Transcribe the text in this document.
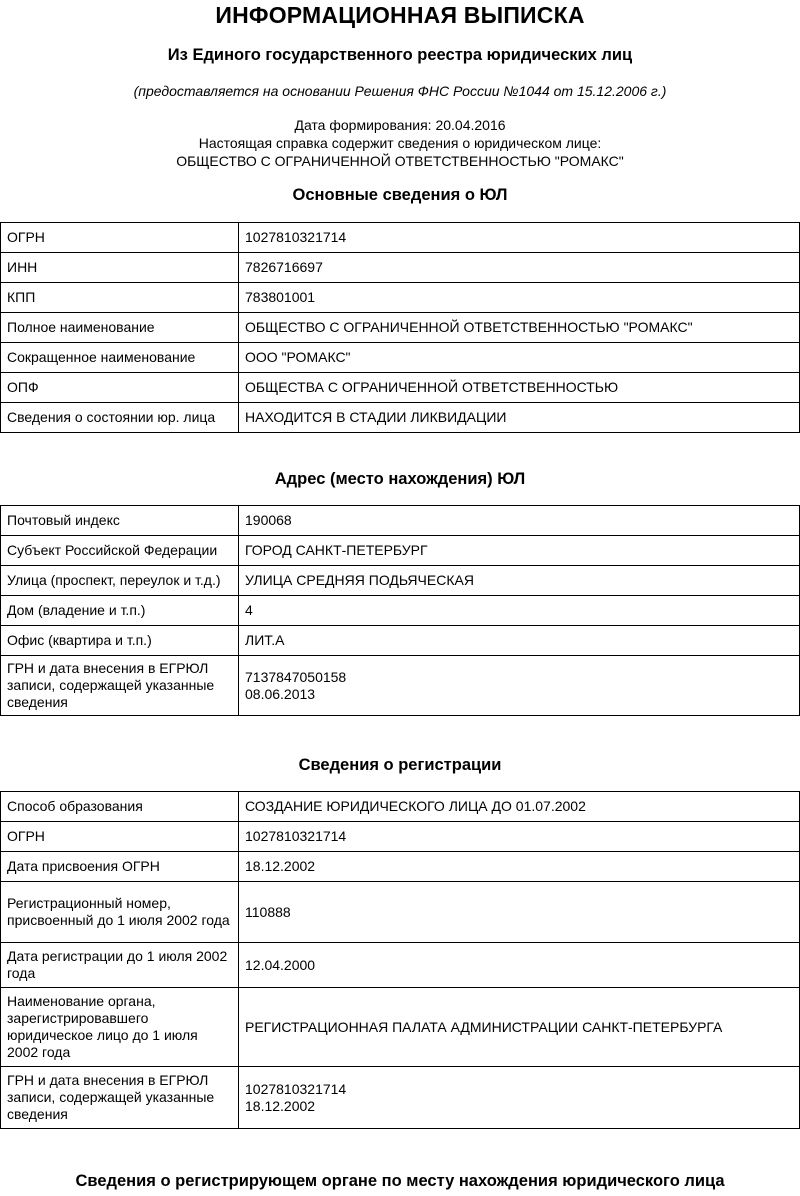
ИНФОРМАЦИОННАЯ ВЫПИСКА
Из Единого государственного реестра юридических лиц
(предоставляется на основании Решения ФНС России №1044 от 15.12.2006 г.)
Дата формирования: 20.04.2016
Настоящая справка содержит сведения о юридическом лице:
ОБЩЕСТВО С ОГРАНИЧЕННОЙ ОТВЕТСТВЕННОСТЬЮ "РОМАКС"
Основные сведения о ЮЛ
ОГРН	1027810321714
ИНН	7826716697
КПП	783801001
Полное наименование	ОБЩЕСТВО С ОГРАНИЧЕННОЙ ОТВЕТСТВЕННОСТЬЮ "РОМАКС"
Сокращенное наименование	ООО "РОМАКС"
ОПФ	ОБЩЕСТВА С ОГРАНИЧЕННОЙ ОТВЕТСТВЕННОСТЬЮ
Сведения о состоянии юр. лица	НАХОДИТСЯ В СТАДИИ ЛИКВИДАЦИИ
Адрес (место нахождения) ЮЛ
Почтовый индекс	190068
Субъект Российской Федерации	ГОРОД САНКТ-ПЕТЕРБУРГ
Улица (проспект, переулок и т.д.)	УЛИЦА СРЕДНЯЯ ПОДЬЯЧЕСКАЯ
Дом (владение и т.п.)	4
Офис (квартира и т.п.)	ЛИТ.А
ГРН и дата внесения в ЕГРЮЛ записи, содержащей указанные сведения	7137847050158
08.06.2013
Сведения о регистрации
Способ образования	СОЗДАНИЕ ЮРИДИЧЕСКОГО ЛИЦА ДО 01.07.2002
ОГРН	1027810321714
Дата присвоения ОГРН	18.12.2002
Регистрационный номер, присвоенный до 1 июля 2002 года	110888
Дата регистрации до 1 июля 2002 года	12.04.2000
Наименование органа, зарегистрировавшего юридическое лицо до 1 июля 2002 года	РЕГИСТРАЦИОННАЯ ПАЛАТА АДМИНИСТРАЦИИ САНКТ-ПЕТЕРБУРГА
ГРН и дата внесения в ЕГРЮЛ записи, содержащей указанные сведения	1027810321714
18.12.2002
Сведения о регистрирующем органе по месту нахождения юридического лица
